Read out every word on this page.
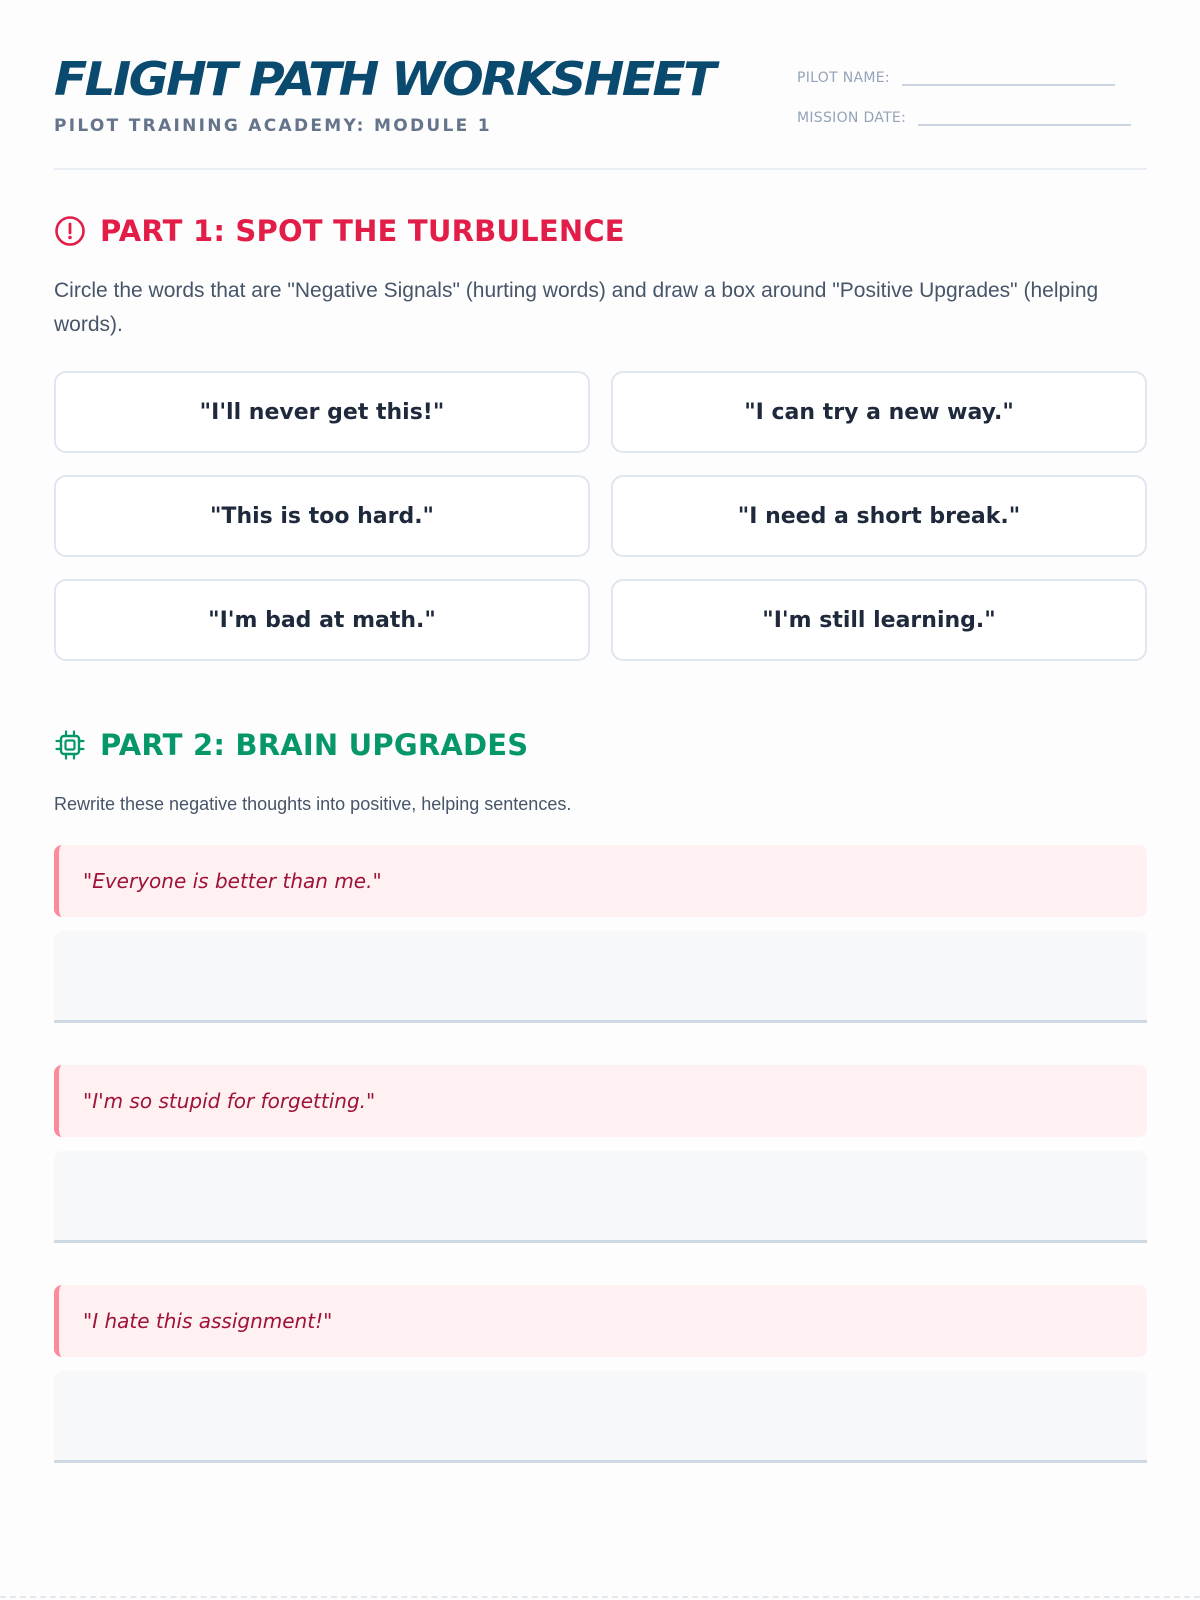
FLIGHT PATH WORKSHEET
PILOT TRAINING ACADEMY: MODULE 1
PILOT NAME:
MISSION DATE:
PART 1: SPOT THE TURBULENCE
Circle the words that are "Negative Signals" (hurting words) and draw a box around "Positive Upgrades" (helping words).
"I'll never get this!"	"I can try a new way."
"This is too hard."	"I need a short break."
"I'm bad at math."	"I'm still learning."
PART 2: BRAIN UPGRADES
Rewrite these negative thoughts into positive, helping sentences.
"Everyone is better than me."
"I'm so stupid for forgetting."
"I hate this assignment!"
